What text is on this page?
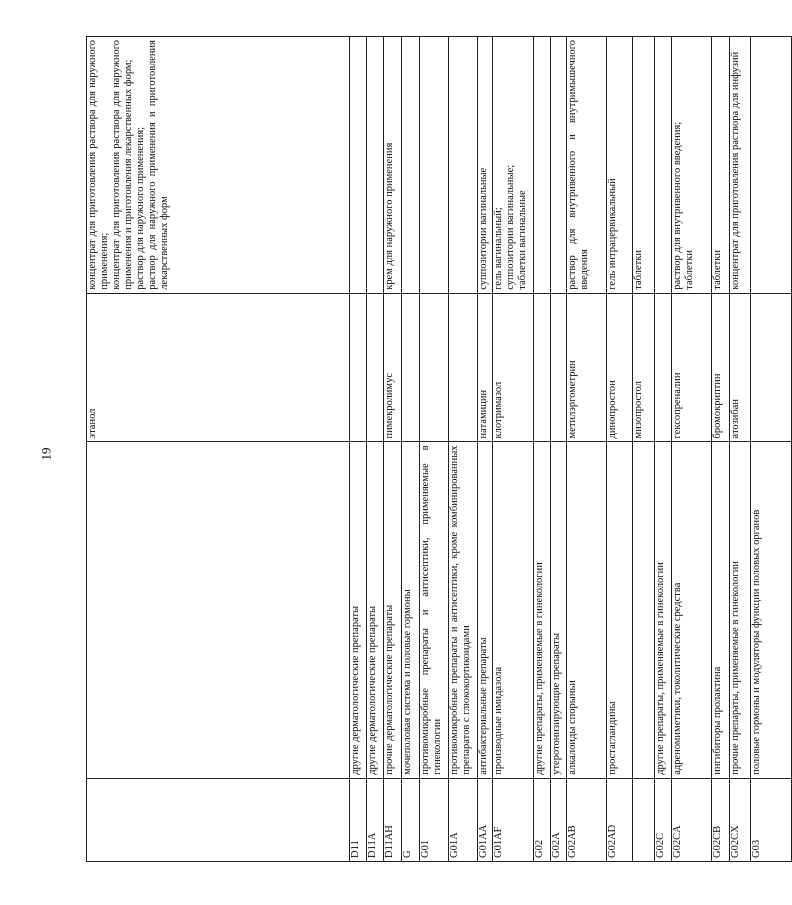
19
		этанол	концентрат для приготовления раствора для наружного применения; концентрат для приготовления раствора для наружного применения и приготовления лекарственных форм; раствор для наружного применения; раствор для наружного применения и приготовления лекарственных форм

D11	другие дерматологические препараты		
D11A	другие дерматологические препараты		
D11AH	прочие дерматологические препараты	пимекролимус	крем для наружного применения

G	мочеполовая система и половые гормоны		
G01	противомикробные препараты и антисептики, применяемые в гинекологии		
G01A	противомикробные препараты и антисептики, кроме комбинированных препаратов с глюкокортикоидами		
G01AA	антибактериальные препараты	натамицин	суппозитории вагинальные

G01AF	производные имидазола	клотримазол	гель вагинальный; суппозитории вагинальные; таблетки вагинальные

G02	другие препараты, применяемые в гинекологии		
G02A	утеротонизирующие препараты		
G02AB	алкалоиды спорыньи	метилэргометрин	раствор для внутривенного и внутримышечного введения

G02AD	простагландины	динопростон	гель интрацервикальный

		мизопростол	таблетки

G02C	другие препараты, применяемые в гинекологии		
G02CA	адреномиметики, токолитические средства	гексопреналин	раствор для внутривенного введения; таблетки

G02CB	ингибиторы пролактина	бромокриптин	таблетки

G02CX	прочие препараты, применяемые в гинекологии	атозибан	концентрат для приготовления раствора для инфузий

G03	половые гормоны и модуляторы функции половых органов		
